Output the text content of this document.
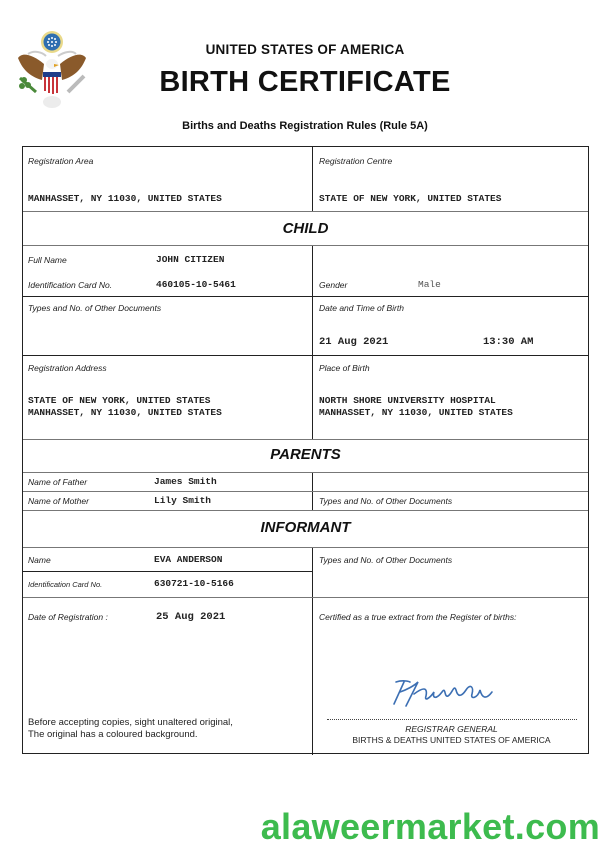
UNITED STATES OF AMERICA
BIRTH CERTIFICATE
Births and Deaths Registration Rules (Rule 5A)
Registration Area
MANHASSET, NY 11030, UNITED STATES
Registration Centre
STATE OF NEW YORK, UNITED STATES
CHILD
Full Name	JOHN CITIZEN
Identification Card No.	460105-10-5461	Gender	Male
Types and No. of Other Documents	Date and Time of Birth
21 Aug 2021	13:30 AM
Registration Address
STATE OF NEW YORK, UNITED STATES
MANHASSET, NY 11030, UNITED STATES
Place of Birth
NORTH SHORE UNIVERSITY HOSPITAL
MANHASSET, NY 11030, UNITED STATES
PARENTS
Name of Father	James Smith
Name of Mother	Lily Smith	Types and No. of Other Documents
INFORMANT
Name	EVA ANDERSON
Identification Card No.	630721-10-5166
Types and No. of Other Documents
Date of Registration :	25 Aug 2021
Before accepting copies, sight unaltered original,
The original has a coloured background.
Certified as a true extract from the Register of births:
REGISTRAR GENERAL
BIRTHS & DEATHS UNITED STATES OF AMERICA
alaweermarket.com
